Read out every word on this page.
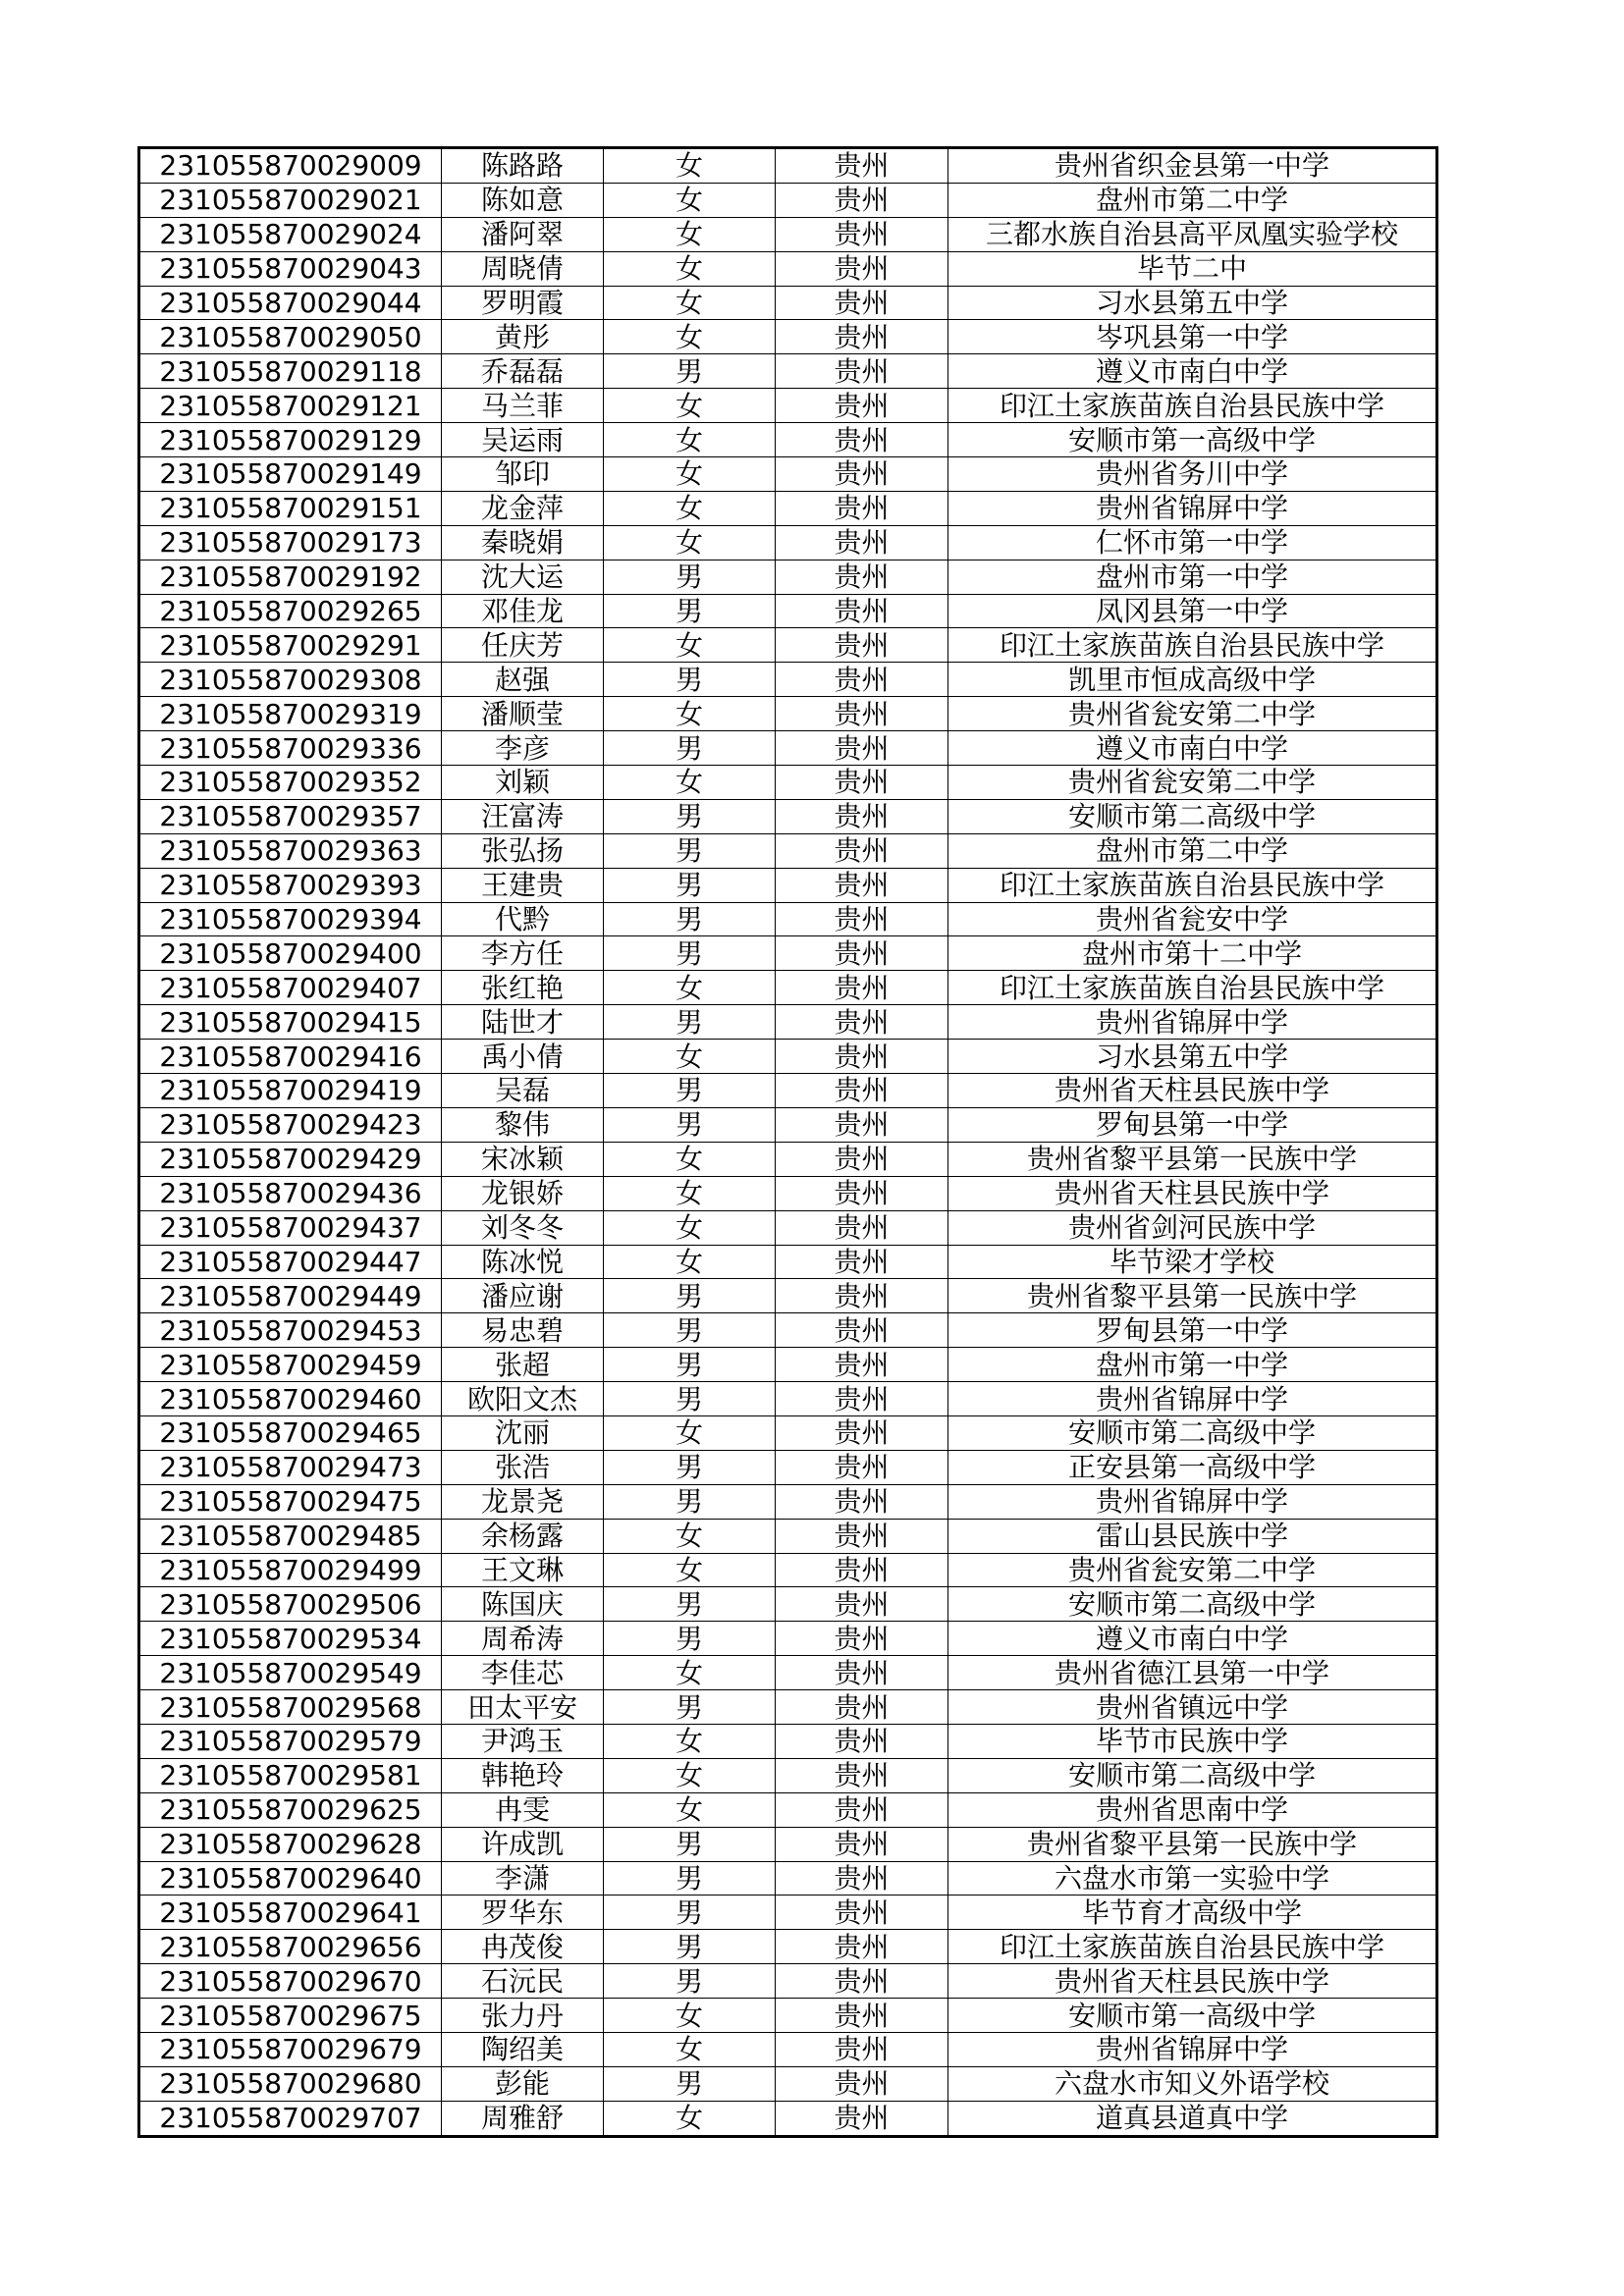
231055870029009	陈路路	女	贵州	贵州省织金县第一中学
231055870029021	陈如意	女	贵州	盘州市第二中学
231055870029024	潘阿翠	女	贵州	三都水族自治县高平凤凰实验学校
231055870029043	周晓倩	女	贵州	毕节二中
231055870029044	罗明霞	女	贵州	习水县第五中学
231055870029050	黄彤	女	贵州	岑巩县第一中学
231055870029118	乔磊磊	男	贵州	遵义市南白中学
231055870029121	马兰菲	女	贵州	印江土家族苗族自治县民族中学
231055870029129	吴运雨	女	贵州	安顺市第一高级中学
231055870029149	邹印	女	贵州	贵州省务川中学
231055870029151	龙金萍	女	贵州	贵州省锦屏中学
231055870029173	秦晓娟	女	贵州	仁怀市第一中学
231055870029192	沈大运	男	贵州	盘州市第一中学
231055870029265	邓佳龙	男	贵州	凤冈县第一中学
231055870029291	任庆芳	女	贵州	印江土家族苗族自治县民族中学
231055870029308	赵强	男	贵州	凯里市恒成高级中学
231055870029319	潘顺莹	女	贵州	贵州省瓮安第二中学
231055870029336	李彦	男	贵州	遵义市南白中学
231055870029352	刘颖	女	贵州	贵州省瓮安第二中学
231055870029357	汪富涛	男	贵州	安顺市第二高级中学
231055870029363	张弘扬	男	贵州	盘州市第二中学
231055870029393	王建贵	男	贵州	印江土家族苗族自治县民族中学
231055870029394	代黔	男	贵州	贵州省瓮安中学
231055870029400	李方任	男	贵州	盘州市第十二中学
231055870029407	张红艳	女	贵州	印江土家族苗族自治县民族中学
231055870029415	陆世才	男	贵州	贵州省锦屏中学
231055870029416	禹小倩	女	贵州	习水县第五中学
231055870029419	吴磊	男	贵州	贵州省天柱县民族中学
231055870029423	黎伟	男	贵州	罗甸县第一中学
231055870029429	宋冰颖	女	贵州	贵州省黎平县第一民族中学
231055870029436	龙银娇	女	贵州	贵州省天柱县民族中学
231055870029437	刘冬冬	女	贵州	贵州省剑河民族中学
231055870029447	陈冰悦	女	贵州	毕节梁才学校
231055870029449	潘应谢	男	贵州	贵州省黎平县第一民族中学
231055870029453	易忠碧	男	贵州	罗甸县第一中学
231055870029459	张超	男	贵州	盘州市第一中学
231055870029460	欧阳文杰	男	贵州	贵州省锦屏中学
231055870029465	沈丽	女	贵州	安顺市第二高级中学
231055870029473	张浩	男	贵州	正安县第一高级中学
231055870029475	龙景尧	男	贵州	贵州省锦屏中学
231055870029485	余杨露	女	贵州	雷山县民族中学
231055870029499	王文琳	女	贵州	贵州省瓮安第二中学
231055870029506	陈国庆	男	贵州	安顺市第二高级中学
231055870029534	周希涛	男	贵州	遵义市南白中学
231055870029549	李佳芯	女	贵州	贵州省德江县第一中学
231055870029568	田太平安	男	贵州	贵州省镇远中学
231055870029579	尹鸿玉	女	贵州	毕节市民族中学
231055870029581	韩艳玲	女	贵州	安顺市第二高级中学
231055870029625	冉雯	女	贵州	贵州省思南中学
231055870029628	许成凯	男	贵州	贵州省黎平县第一民族中学
231055870029640	李潇	男	贵州	六盘水市第一实验中学
231055870029641	罗华东	男	贵州	毕节育才高级中学
231055870029656	冉茂俊	男	贵州	印江土家族苗族自治县民族中学
231055870029670	石沅民	男	贵州	贵州省天柱县民族中学
231055870029675	张力丹	女	贵州	安顺市第一高级中学
231055870029679	陶绍美	女	贵州	贵州省锦屏中学
231055870029680	彭能	男	贵州	六盘水市知义外语学校
231055870029707	周雅舒	女	贵州	道真县道真中学
